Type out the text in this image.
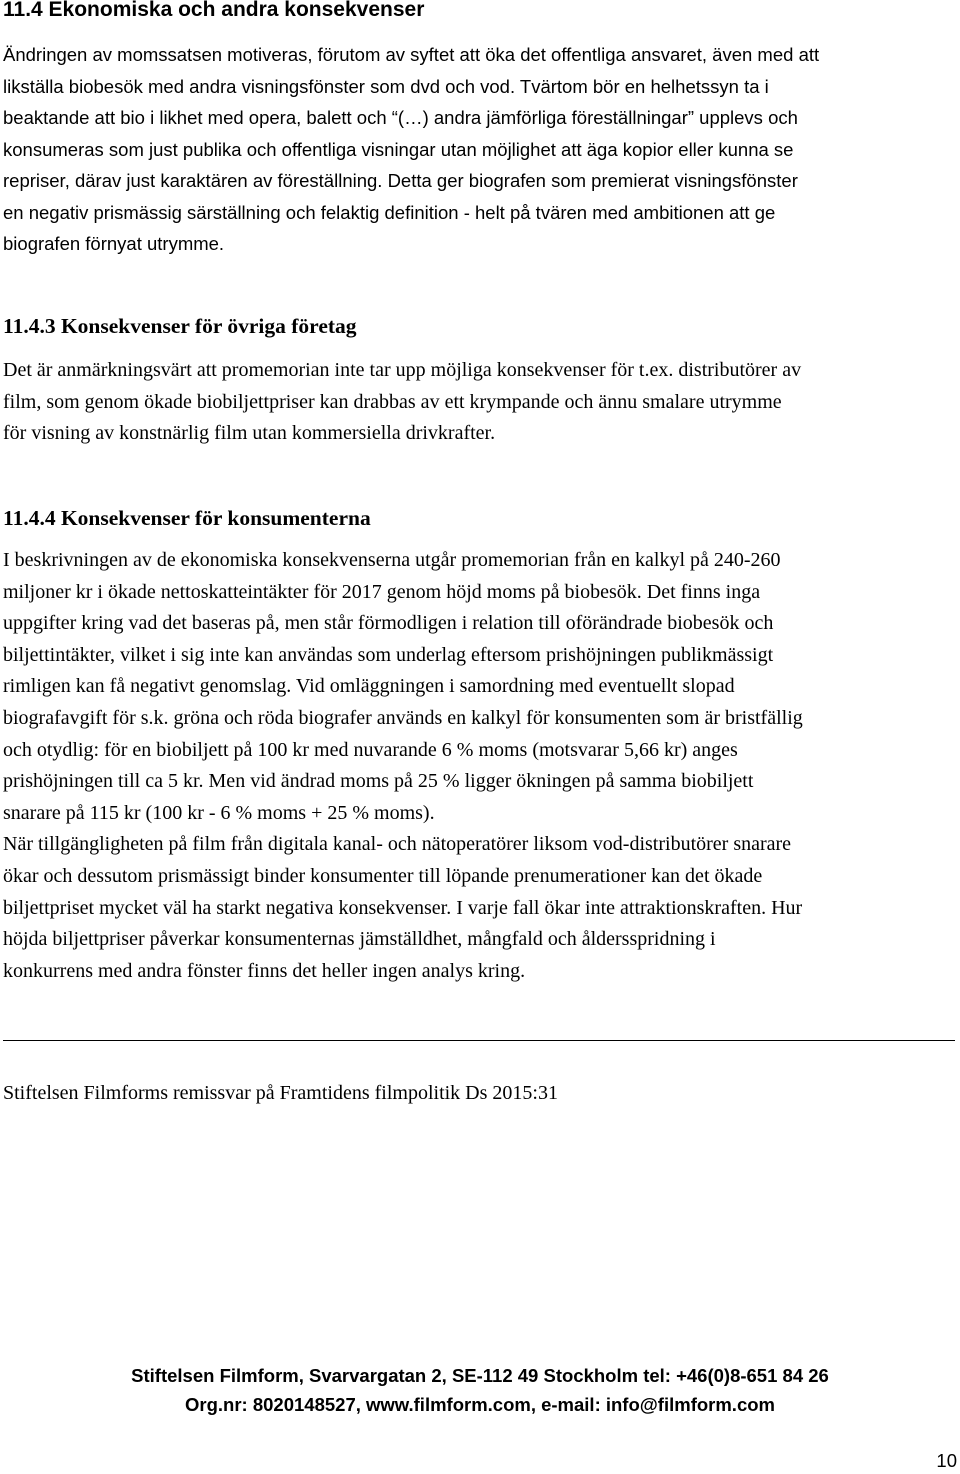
11.4 Ekonomiska och andra konsekvenser

Ändringen av momssatsen motiveras, förutom av syftet att öka det offentliga ansvaret, även med att
likställa biobesök med andra visningsfönster som dvd och vod. Tvärtom bör en helhetssyn ta i
beaktande att bio i likhet med opera, balett och “(…) andra jämförliga föreställningar” upplevs och
konsumeras som just publika och offentliga visningar utan möjlighet att äga kopior eller kunna se
repriser, därav just karaktären av föreställning. Detta ger biografen som premierat visningsfönster
en negativ prismässig särställning och felaktig definition - helt på tvären med ambitionen att ge
biografen förnyat utrymme.

11.4.3 Konsekvenser för övriga företag

Det är anmärkningsvärt att promemorian inte tar upp möjliga konsekvenser för t.ex. distributörer av
film, som genom ökade biobiljettpriser kan drabbas av ett krympande och ännu smalare utrymme
för visning av konstnärlig film utan kommersiella drivkrafter.

11.4.4 Konsekvenser för konsumenterna

I beskrivningen av de ekonomiska konsekvenserna utgår promemorian från en kalkyl på 240-260
miljoner kr i ökade nettoskatteintäkter för 2017 genom höjd moms på biobesök. Det finns inga
uppgifter kring vad det baseras på, men står förmodligen i relation till oförändrade biobesök och
biljettintäkter, vilket i sig inte kan användas som underlag eftersom prishöjningen publikmässigt
rimligen kan få negativt genomslag. Vid omläggningen i samordning med eventuellt slopad
biografavgift för s.k. gröna och röda biografer används en kalkyl för konsumenten som är bristfällig
och otydlig: för en biobiljett på 100 kr med nuvarande 6 % moms (motsvarar 5,66 kr) anges
prishöjningen till ca 5 kr. Men vid ändrad moms på 25 % ligger ökningen på samma biobiljett
snarare på 115 kr (100 kr - 6 % moms + 25 % moms).
När tillgängligheten på film från digitala kanal- och nätoperatörer liksom vod-distributörer snarare
ökar och dessutom prismässigt binder konsumenter till löpande prenumerationer kan det ökade
biljettpriset mycket väl ha starkt negativa konsekvenser. I varje fall ökar inte attraktionskraften. Hur
höjda biljettpriser påverkar konsumenternas jämställdhet, mångfald och åldersspridning i
konkurrens med andra fönster finns det heller ingen analys kring.

Stiftelsen Filmforms remissvar på Framtidens filmpolitik Ds 2015:31

Stiftelsen Filmform, Svarvargatan 2, SE-112 49 Stockholm tel: +46(0)8-651 84 26

Org.nr: 8020148527, www.filmform.com, e-mail: info@filmform.com

10
